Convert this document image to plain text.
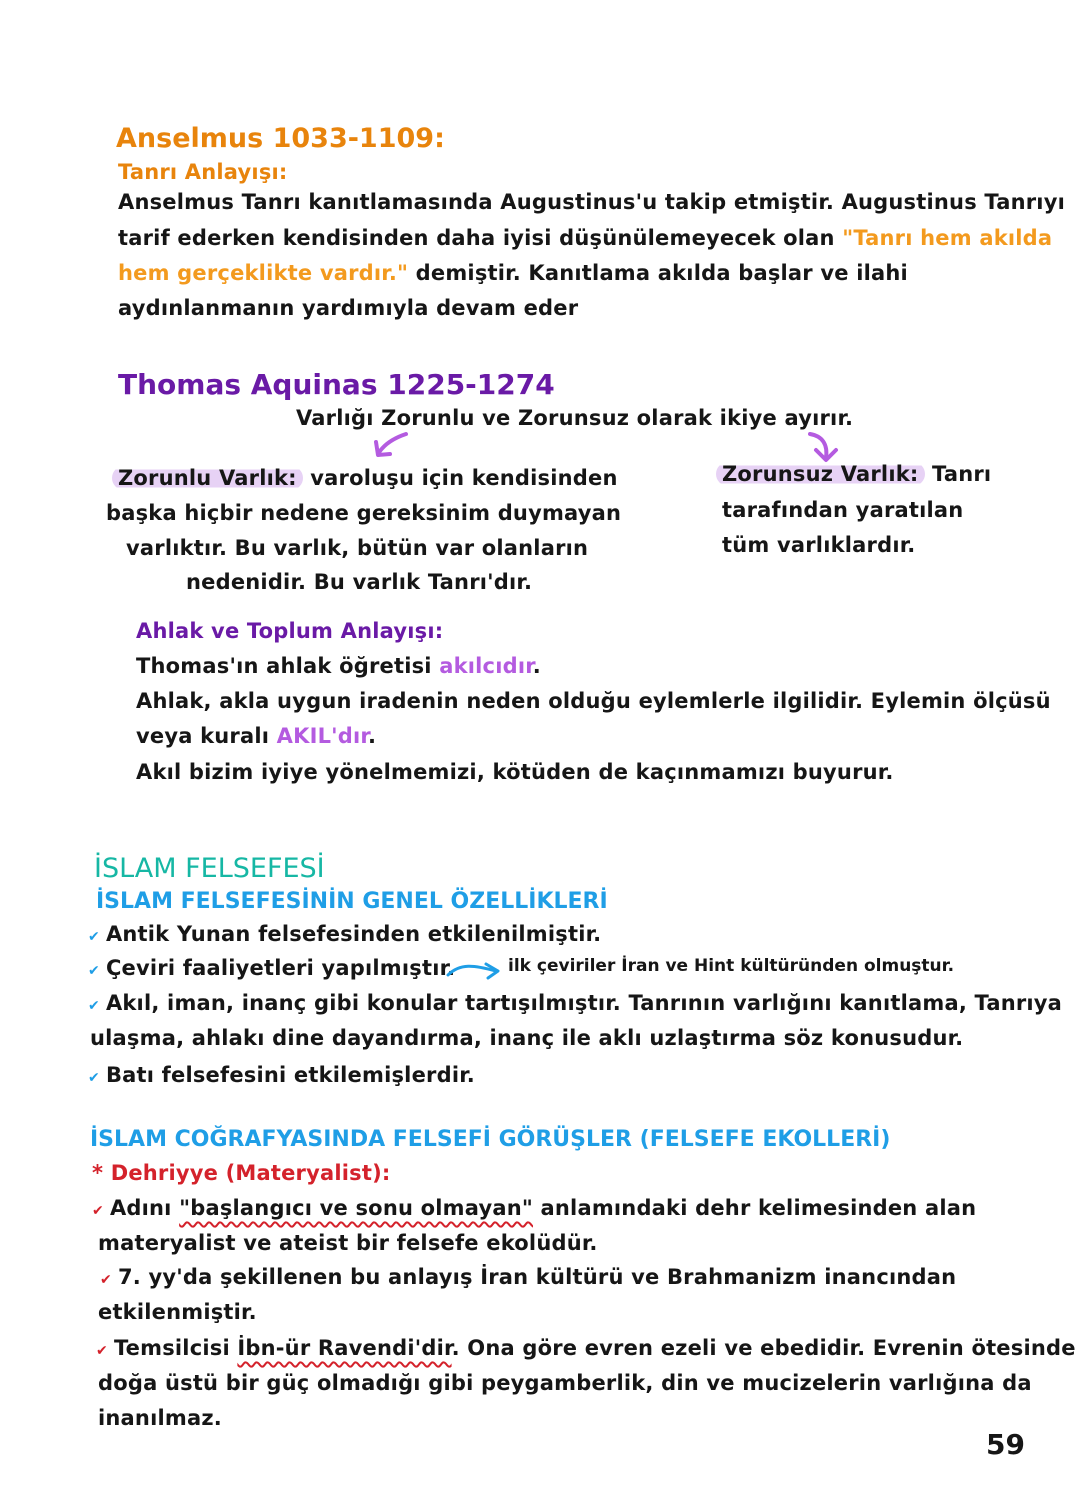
Anselmus 1033-1109:
Tanrı Anlayışı:
Anselmus Tanrı kanıtlamasında Augustinus'u takip etmiştir. Augustinus Tanrıyı
tarif ederken kendisinden daha iyisi düşünülemeyecek olan "Tanrı hem akılda
hem gerçeklikte vardır." demiştir. Kanıtlama akılda başlar ve ilahi
aydınlanmanın yardımıyla devam eder
Thomas Aquinas 1225-1274
Varlığı Zorunlu ve Zorunsuz olarak ikiye ayırır.
Zorunlu Varlık: varoluşu için kendisinden
başka hiçbir nedene gereksinim duymayan
varlıktır. Bu varlık, bütün var olanların
nedenidir. Bu varlık Tanrı'dır.
Zorunsuz Varlık: Tanrı
tarafından yaratılan
tüm varlıklardır.
Ahlak ve Toplum Anlayışı:
Thomas'ın ahlak öğretisi akılcıdır.
Ahlak, akla uygun iradenin neden olduğu eylemlerle ilgilidir. Eylemin ölçüsü
veya kuralı AKIL'dır.
Akıl bizim iyiye yönelmemizi, kötüden de kaçınmamızı buyurur.
İSLAM FELSEFESİ
İSLAM FELSEFESİNİN GENEL ÖZELLİKLERİ
✔ Antik Yunan felsefesinden etkilenilmiştir.
✔ Çeviri faaliyetleri yapılmıştır.	ilk çeviriler İran ve Hint kültüründen olmuştur.
✔ Akıl, iman, inanç gibi konular tartışılmıştır. Tanrının varlığını kanıtlama, Tanrıya
ulaşma, ahlakı dine dayandırma, inanç ile aklı uzlaştırma söz konusudur.
✔ Batı felsefesini etkilemişlerdir.
İSLAM COĞRAFYASINDA FELSEFİ GÖRÜŞLER (FELSEFE EKOLLERİ)
* Dehriyye (Materyalist):
✔ Adını "başlangıcı ve sonu olmayan" anlamındaki dehr kelimesinden alan
materyalist ve ateist bir felsefe ekolüdür.
✔ 7. yy'da şekillenen bu anlayış İran kültürü ve Brahmanizm inancından
etkilenmiştir.
✔ Temsilcisi İbn-ür Ravendi'dir. Ona göre evren ezeli ve ebedidir. Evrenin ötesinde
doğa üstü bir güç olmadığı gibi peygamberlik, din ve mucizelerin varlığına da
inanılmaz.
59
